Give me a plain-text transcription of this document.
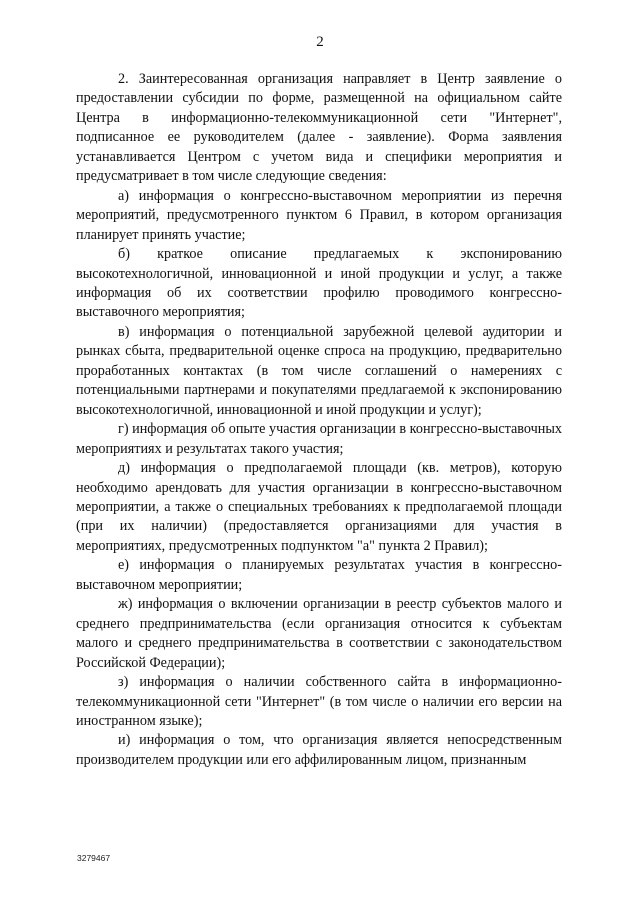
2

2. Заинтересованная организация направляет в Центр заявление о предоставлении субсидии по форме, размещенной на официальном сайте Центра в информационно-телекоммуникационной сети "Интернет", подписанное ее руководителем (далее - заявление). Форма заявления устанавливается Центром с учетом вида и специфики мероприятия и предусматривает в том числе следующие сведения:

а) информация о конгрессно-выставочном мероприятии из перечня мероприятий, предусмотренного пунктом 6 Правил, в котором организация планирует принять участие;

б) краткое описание предлагаемых к экспонированию высокотехнологичной, инновационной и иной продукции и услуг, а также информация об их соответствии профилю проводимого конгрессно-выставочного мероприятия;

в) информация о потенциальной зарубежной целевой аудитории и рынках сбыта, предварительной оценке спроса на продукцию, предварительно проработанных контактах (в том числе соглашений о намерениях с потенциальными партнерами и покупателями предлагаемой к экспонированию высокотехнологичной, инновационной и иной продукции и услуг);

г) информация об опыте участия организации в конгрессно-выставочных мероприятиях и результатах такого участия;

д) информация о предполагаемой площади (кв. метров), которую необходимо арендовать для участия организации в конгрессно-выставочном мероприятии, а также о специальных требованиях к предполагаемой площади (при их наличии) (предоставляется организациями для участия в мероприятиях, предусмотренных подпунктом "а" пункта 2 Правил);

е) информация о планируемых результатах участия в конгрессно-выставочном мероприятии;

ж) информация о включении организации в реестр субъектов малого и среднего предпринимательства (если организация относится к субъектам малого и среднего предпринимательства в соответствии с законодательством Российской Федерации);

з) информация о наличии собственного сайта в информационно-телекоммуникационной сети "Интернет" (в том числе о наличии его версии на иностранном языке);

и) информация о том, что организация является непосредственным производителем продукции или его аффилированным лицом, признанным

3279467
